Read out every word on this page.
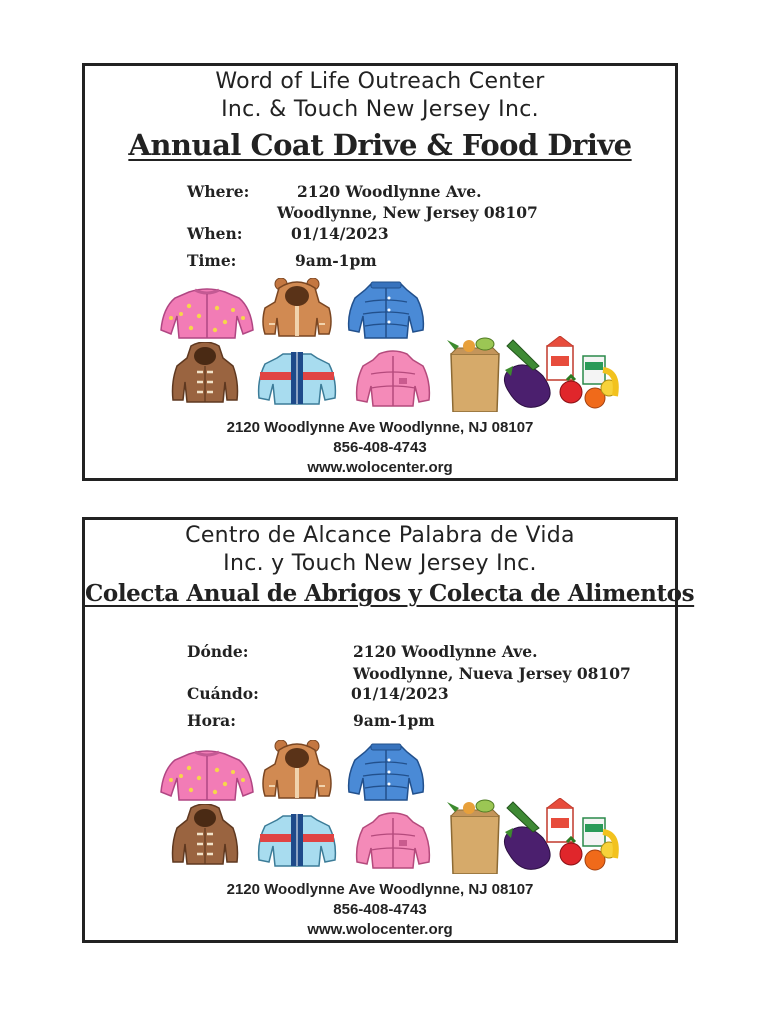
Word of Life Outreach Center
Inc. & Touch New Jersey Inc.
Annual Coat Drive & Food Drive
Where:	2120 Woodlynne Ave.
Woodlynne, New Jersey 08107
When:	01/14/2023
Time:	9am-1pm
2120 Woodlynne Ave Woodlynne, NJ 08107
856-408-4743
www.wolocenter.org
Centro de Alcance Palabra de Vida
Inc. y Touch New Jersey Inc.
Colecta Anual de Abrigos y Colecta de Alimentos
Dónde:	2120 Woodlynne Ave.
Woodlynne, Nueva Jersey 08107
Cuándo:	01/14/2023
Hora:	9am-1pm
2120 Woodlynne Ave Woodlynne, NJ 08107
856-408-4743
www.wolocenter.org
